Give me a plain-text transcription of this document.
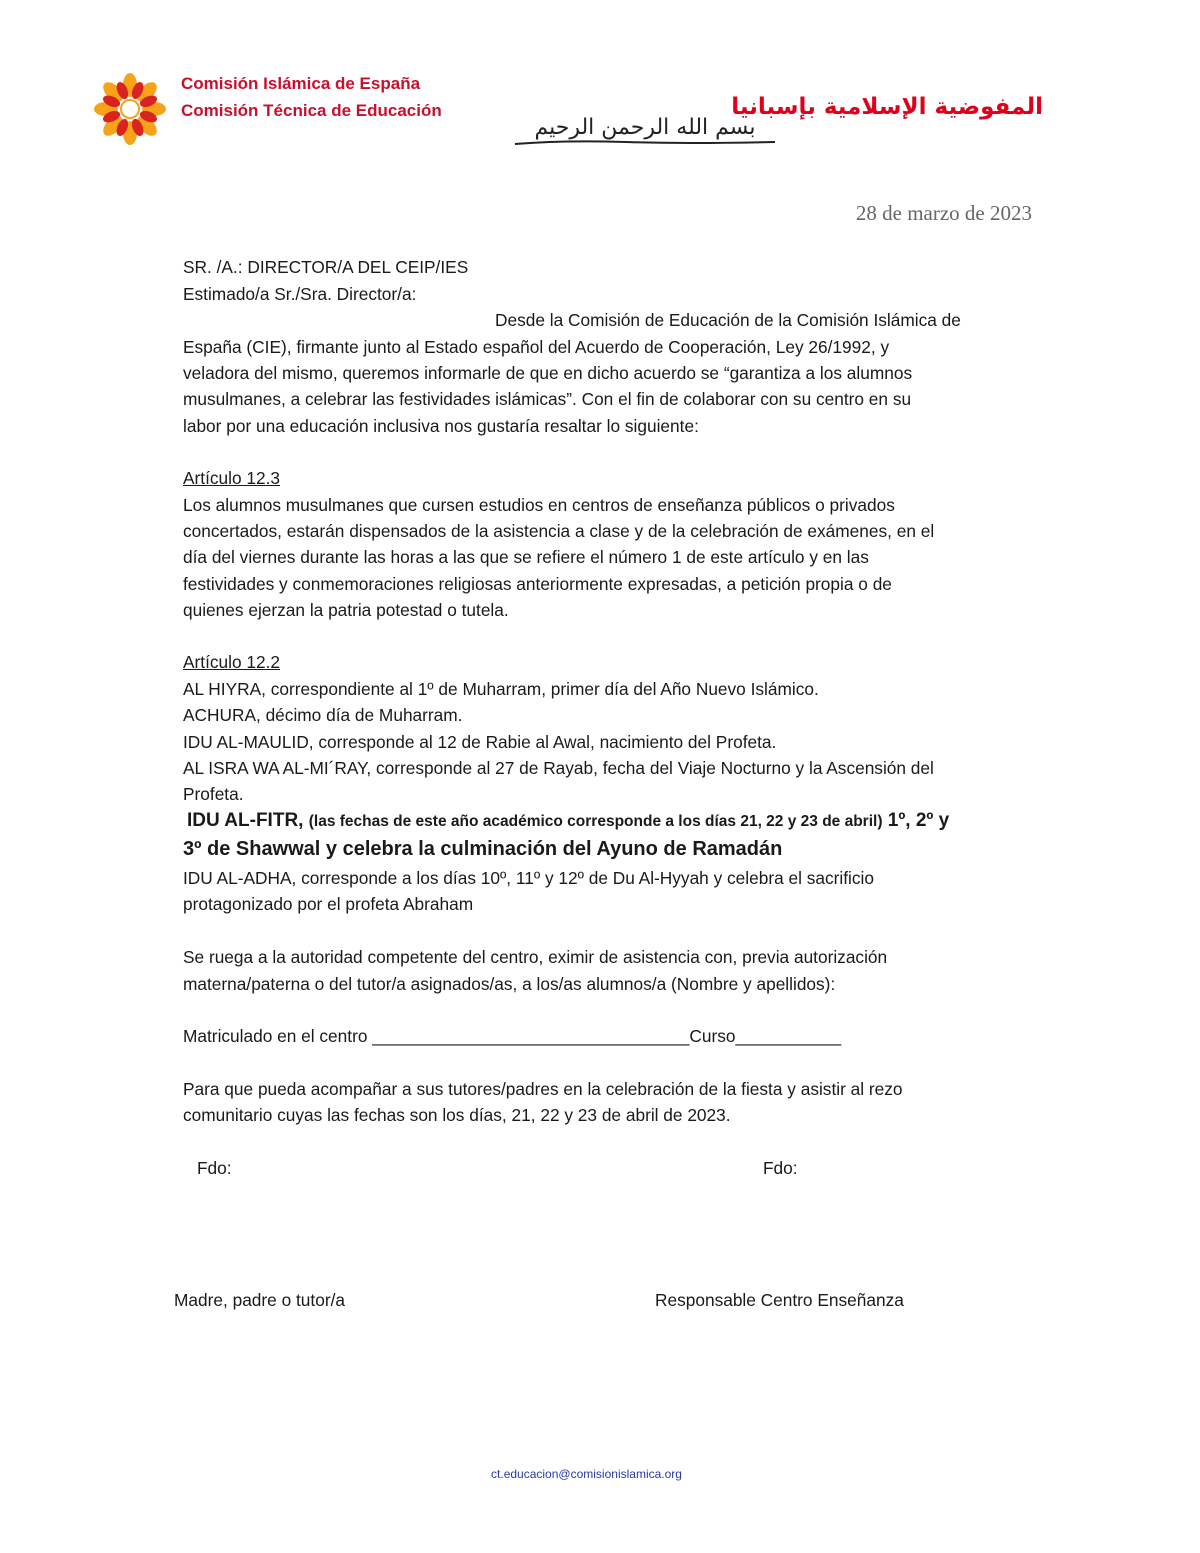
Comisión Islámica de España
Comisión Técnica de Educación
بسم الله الرحمن الرحيم
المفوضية الإسلامية بإسبانيا
28 de marzo de 2023
SR. /A.: DIRECTOR/A DEL CEIP/IES
Estimado/a Sr./Sra. Director/a:
Desde la Comisión de Educación de la Comisión Islámica de
España (CIE), firmante junto al Estado español del Acuerdo de Cooperación, Ley 26/1992, y
veladora del mismo, queremos informarle de que en dicho acuerdo se “garantiza a los alumnos
musulmanes, a celebrar las festividades islámicas”. Con el fin de colaborar con su centro en su
labor por una educación inclusiva nos gustaría resaltar lo siguiente:
Artículo 12.3
Los alumnos musulmanes que cursen estudios en centros de enseñanza públicos o privados
concertados, estarán dispensados de la asistencia a clase y de la celebración de exámenes, en el
día del viernes durante las horas a las que se refiere el número 1 de este artículo y en las
festividades y conmemoraciones religiosas anteriormente expresadas, a petición propia o de
quienes ejerzan la patria potestad o tutela.
Artículo 12.2
AL HIYRA, correspondiente al 1º de Muharram, primer día del Año Nuevo Islámico.
ACHURA, décimo día de Muharram.
IDU AL-MAULID, corresponde al 12 de Rabie al Awal, nacimiento del Profeta.
AL ISRA WA AL-MI´RAY, corresponde al 27 de Rayab, fecha del Viaje Nocturno y la Ascensión del
Profeta.
IDU AL-FITR, (las fechas de este año académico corresponde a los días 21, 22 y 23 de abril) 1º, 2º y
3º de Shawwal y celebra la culminación del Ayuno de Ramadán
IDU AL-ADHA, corresponde a los días 10º, 11º y 12º de Du Al-Hyyah y celebra el sacrificio
protagonizado por el profeta Abraham
Se ruega a la autoridad competente del centro, eximir de asistencia con, previa autorización
materna/paterna o del tutor/a asignados/as, a los/as alumnos/a (Nombre y apellidos):
Matriculado en el centro _________________________________Curso___________
Para que pueda acompañar a sus tutores/padres en la celebración de la fiesta y asistir al rezo
comunitario cuyas las fechas son los días, 21, 22 y 23 de abril de 2023.
Fdo:	Fdo:
Madre, padre o tutor/a	Responsable Centro Enseñanza
ct.educacion@comisionislamica.org
